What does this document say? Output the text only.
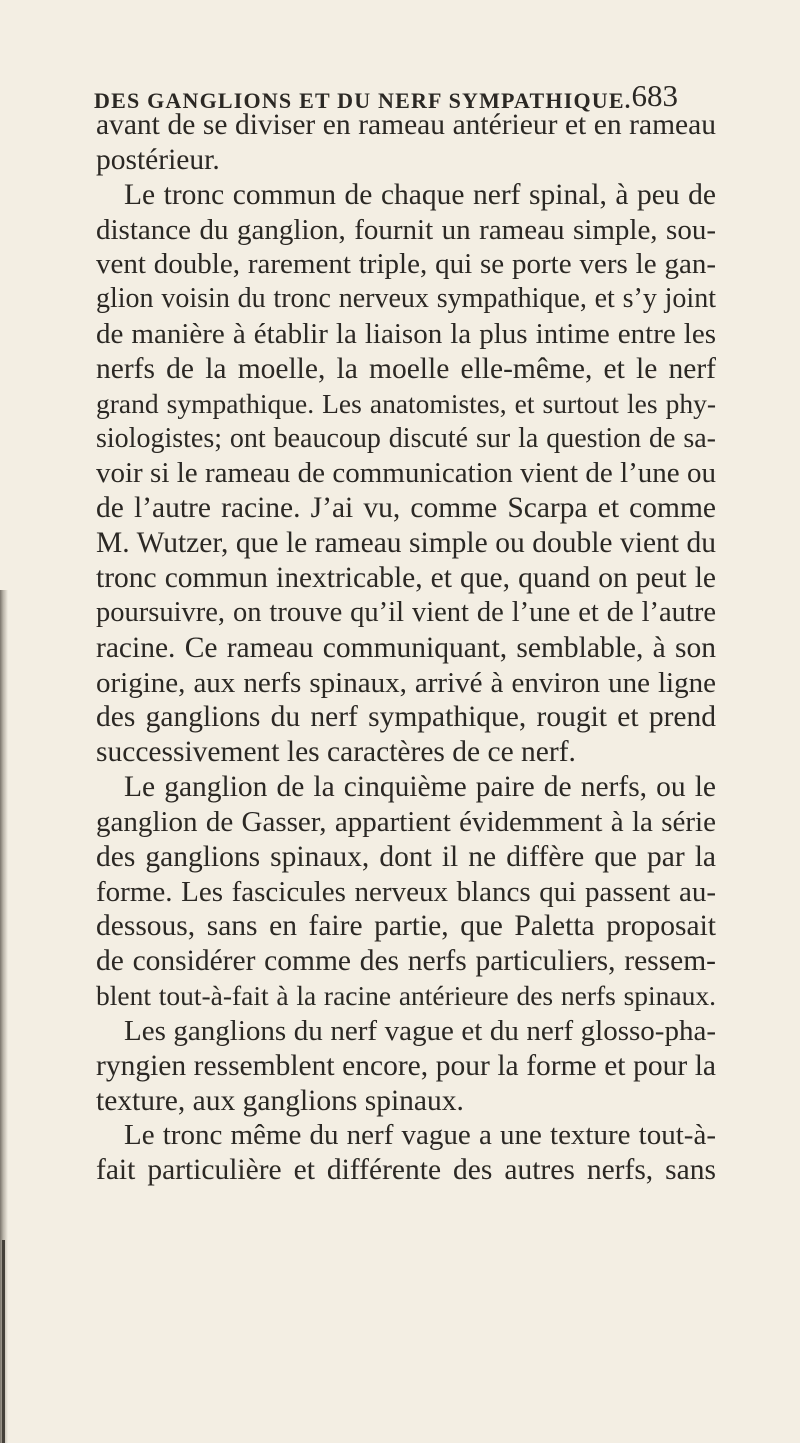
DES GANGLIONS ET DU NERF SYMPATHIQUE. 683
avant de se diviser en rameau antérieur et en rameau
postérieur.
Le tronc commun de chaque nerf spinal, à peu de
distance du ganglion, fournit un rameau simple, sou-
vent double, rarement triple, qui se porte vers le gan-
glion voisin du tronc nerveux sympathique, et s’y joint
de manière à établir la liaison la plus intime entre les
nerfs de la moelle, la moelle elle-même, et le nerf
grand sympathique. Les anatomistes, et surtout les phy-
siologistes; ont beaucoup discuté sur la question de sa-
voir si le rameau de communication vient de l’une ou
de l’autre racine. J’ai vu, comme Scarpa et comme
M. Wutzer, que le rameau simple ou double vient du
tronc commun inextricable, et que, quand on peut le
poursuivre, on trouve qu’il vient de l’une et de l’autre
racine. Ce rameau communiquant, semblable, à son
origine, aux nerfs spinaux, arrivé à environ une ligne
des ganglions du nerf sympathique, rougit et prend
successivement les caractères de ce nerf.
Le ganglion de la cinquième paire de nerfs, ou le
ganglion de Gasser, appartient évidemment à la série
des ganglions spinaux, dont il ne diffère que par la
forme. Les fascicules nerveux blancs qui passent au-
dessous, sans en faire partie, que Paletta proposait
de considérer comme des nerfs particuliers, ressem-
blent tout-à-fait à la racine antérieure des nerfs spinaux.
Les ganglions du nerf vague et du nerf glosso-pha-
ryngien ressemblent encore, pour la forme et pour la
texture, aux ganglions spinaux.
Le tronc même du nerf vague a une texture tout-à-
fait particulière et différente des autres nerfs, sans
